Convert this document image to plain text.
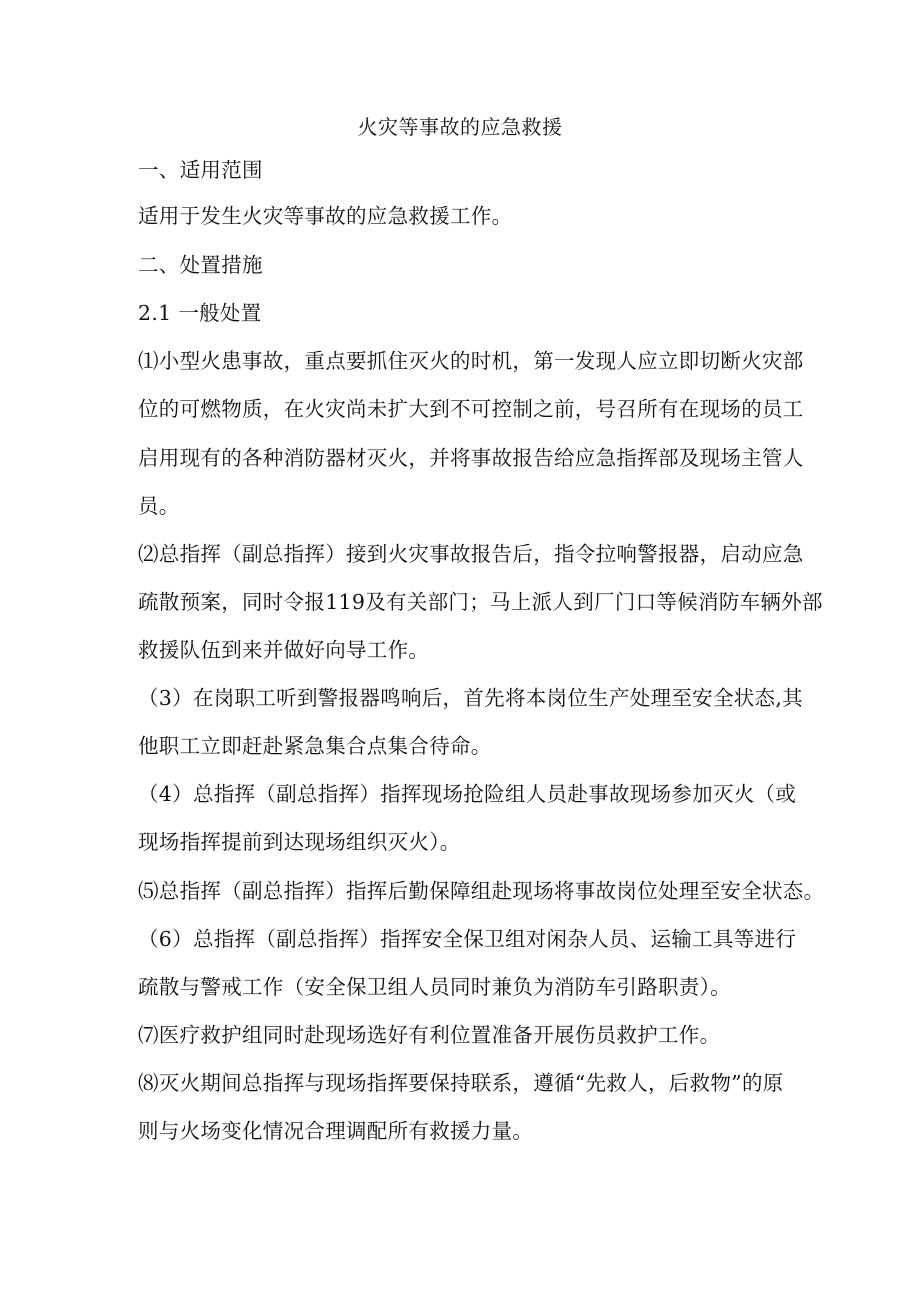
火灾等事故的应急救援
一、适用范围
适用于发生火灾等事故的应急救援工作。
二、处置措施
2.1 一般处置
⑴小型火患事故，重点要抓住灭火的时机，第一发现人应立即切断火灾部
位的可燃物质，在火灾尚未扩大到不可控制之前，号召所有在现场的员工
启用现有的各种消防器材灭火，并将事故报告给应急指挥部及现场主管人
员。
⑵总指挥（副总指挥）接到火灾事故报告后，指令拉响警报器，启动应急
疏散预案，同时令报119及有关部门；马上派人到厂门口等候消防车辆外部
救援队伍到来并做好向导工作。
（3）在岗职工听到警报器鸣响后，首先将本岗位生产处理至安全状态,其
他职工立即赶赴紧急集合点集合待命。
（4）总指挥（副总指挥）指挥现场抢险组人员赴事故现场参加灭火（或
现场指挥提前到达现场组织灭火）。
⑸总指挥（副总指挥）指挥后勤保障组赴现场将事故岗位处理至安全状态。
（6）总指挥（副总指挥）指挥安全保卫组对闲杂人员、运输工具等进行
疏散与警戒工作（安全保卫组人员同时兼负为消防车引路职责）。
⑺医疗救护组同时赴现场选好有利位置准备开展伤员救护工作。
⑻灭火期间总指挥与现场指挥要保持联系，遵循“先救人，后救物”的原
则与火场变化情况合理调配所有救援力量。
